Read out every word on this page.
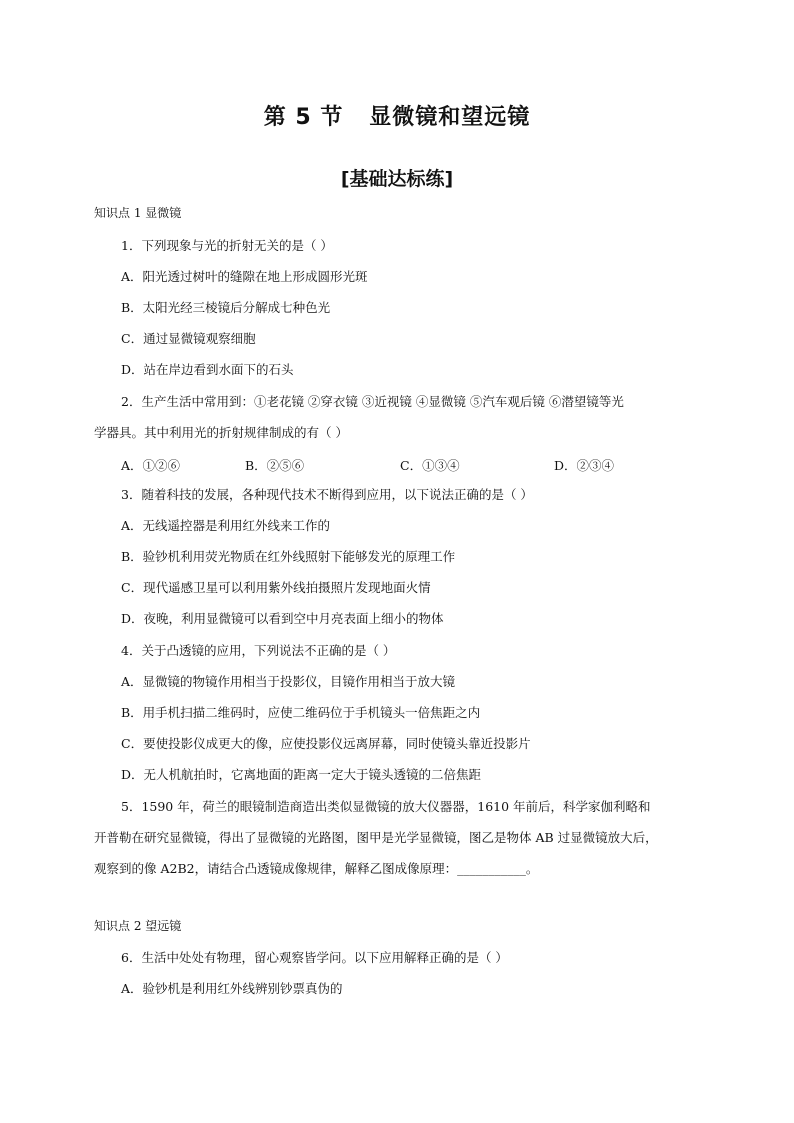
第 5 节   显微镜和望远镜
[基础达标练]
知识点 1 显微镜
1．下列现象与光的折射无关的是（ ）
A．阳光透过树叶的缝隙在地上形成圆形光斑
B．太阳光经三棱镜后分解成七种色光
C．通过显微镜观察细胞
D．站在岸边看到水面下的石头
2．生产生活中常用到：①老花镜 ②穿衣镜 ③近视镜 ④显微镜 ⑤汽车观后镜 ⑥潜望镜等光
学器具。其中利用光的折射规律制成的有（ ）
A．①②⑥	B．②⑤⑥	C．①③④	D．②③④
3．随着科技的发展，各种现代技术不断得到应用，以下说法正确的是（ ）
A．无线遥控器是利用红外线来工作的
B．验钞机利用荧光物质在红外线照射下能够发光的原理工作
C．现代遥感卫星可以利用紫外线拍摄照片发现地面火情
D．夜晚，利用显微镜可以看到空中月亮表面上细小的物体
4．关于凸透镜的应用，下列说法不正确的是（ ）
A．显微镜的物镜作用相当于投影仪，目镜作用相当于放大镜
B．用手机扫描二维码时，应使二维码位于手机镜头一倍焦距之内
C．要使投影仪成更大的像，应使投影仪远离屏幕，同时使镜头靠近投影片
D．无人机航拍时，它离地面的距离一定大于镜头透镜的二倍焦距
5．1590 年，荷兰的眼镜制造商造出类似显微镜的放大仪器器，1610 年前后，科学家伽利略和
开普勒在研究显微镜，得出了显微镜的光路图，图甲是光学显微镜，图乙是物体 AB 过显微镜放大后，
观察到的像 A2B2，请结合凸透镜成像规律，解释乙图成像原理：___________。
知识点 2 望远镜
6．生活中处处有物理，留心观察皆学问。以下应用解释正确的是（ ）
A．验钞机是利用红外线辨别钞票真伪的
